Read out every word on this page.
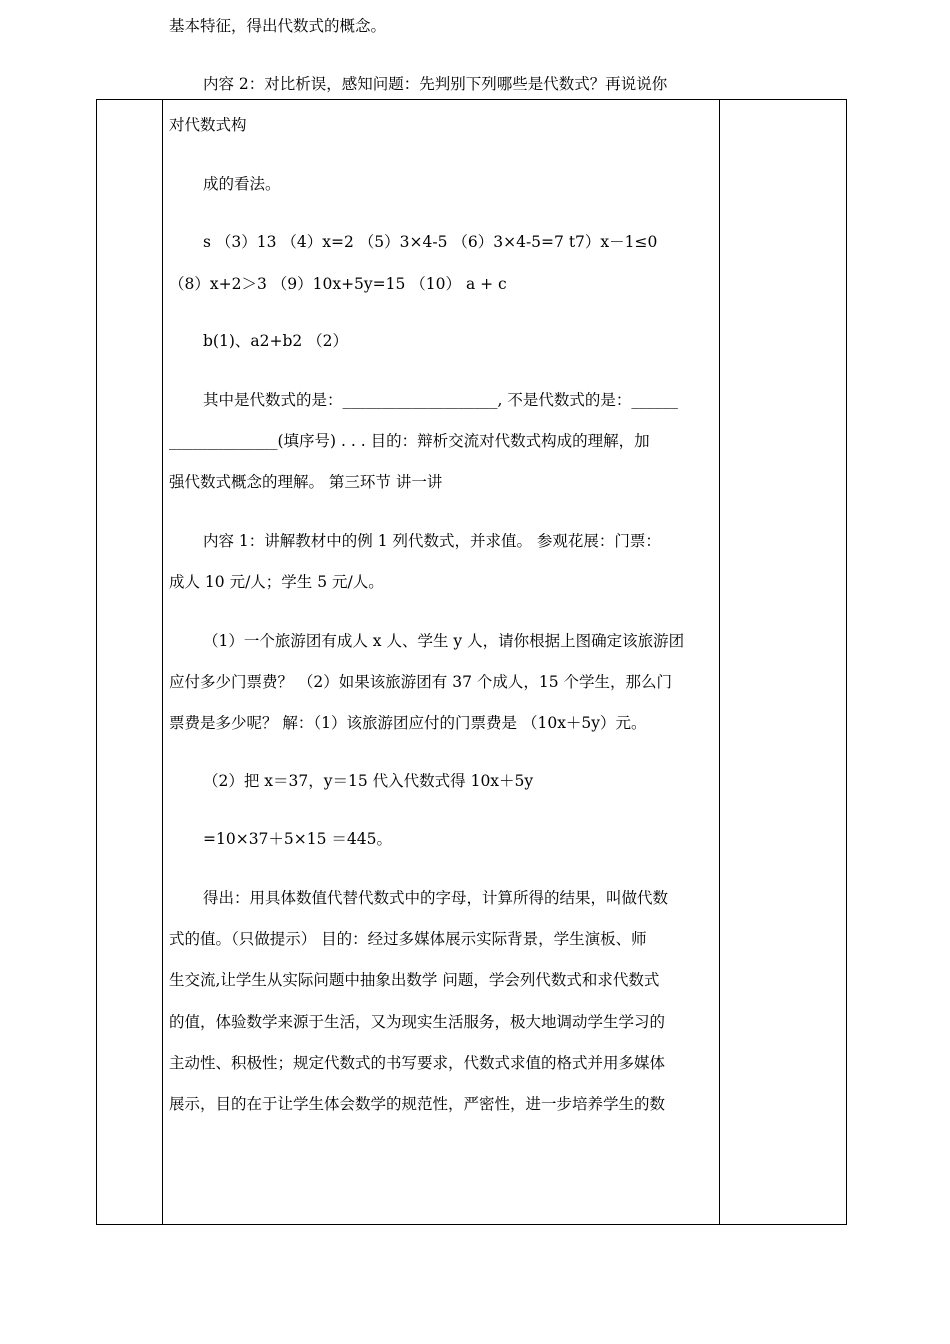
基本特征，得出代数式的概念。
内容 2：对比析误，感知问题：先判别下列哪些是代数式？再说说你
对代数式构
成的看法。
s （3）13 （4）x=2 （5）3×4-5 （6）3×4-5=7 t7）x－1≤0
（8）x+2＞3 （9）10x+5y=15 （10） a + c
b(1)、a2+b2 （2）
其中是代数式的是：____________________, 不是代数式的是：______
______________(填序号) . . . 目的：辩析交流对代数式构成的理解，加
强代数式概念的理解。 第三环节 讲一讲
内容 1：讲解教材中的例 1 列代数式，并求值。 参观花展：门票：
成人 10 元/人；学生 5 元/人。
（1）一个旅游团有成人 x 人、学生 y 人，请你根据上图确定该旅游团
应付多少门票费？ （2）如果该旅游团有 37 个成人，15 个学生，那么门
票费是多少呢？ 解：（1）该旅游团应付的门票费是 （10x＋5y）元。
（2）把 x＝37，y＝15 代入代数式得 10x＋5y
=10×37＋5×15 ＝445。
得出：用具体数值代替代数式中的字母，计算所得的结果，叫做代数
式的值。（只做提示） 目的：经过多媒体展示实际背景，学生演板、师
生交流,让学生从实际问题中抽象出数学 问题，学会列代数式和求代数式
的值，体验数学来源于生活，又为现实生活服务，极大地调动学生学习的
主动性、积极性；规定代数式的书写要求，代数式求值的格式并用多媒体
展示，目的在于让学生体会数学的规范性，严密性，进一步培养学生的数
